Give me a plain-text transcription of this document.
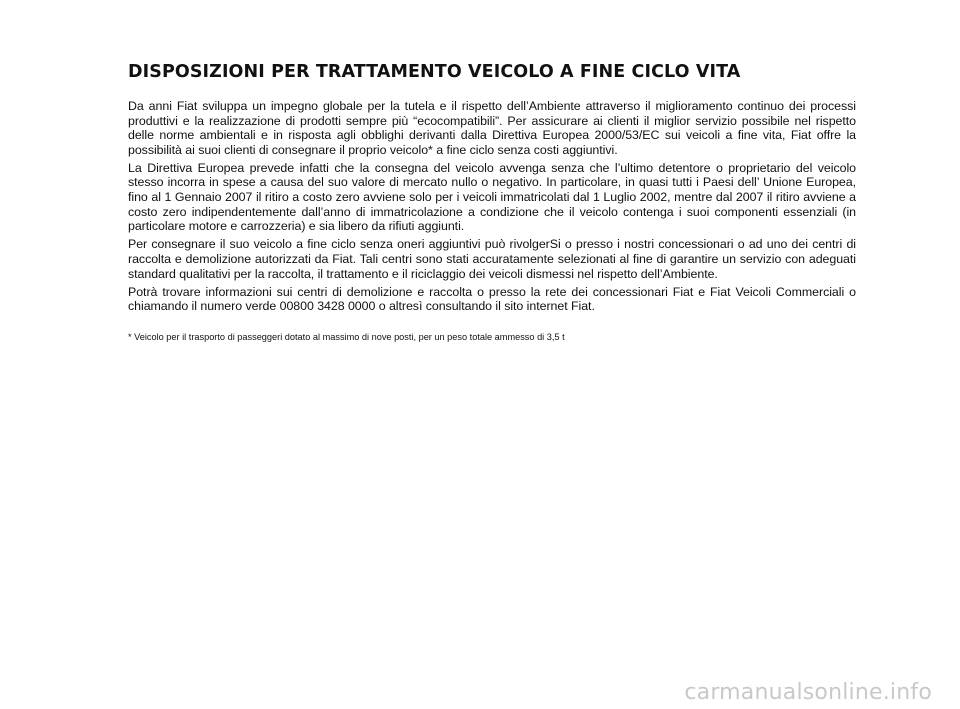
DISPOSIZIONI PER TRATTAMENTO VEICOLO A FINE CICLO VITA

Da anni Fiat sviluppa un impegno globale per la tutela e il rispetto dell’Ambiente attraverso il miglioramento continuo dei processi produttivi e la realizzazione di prodotti sempre più “ecocompatibili”. Per assicurare ai clienti il miglior servizio possibile nel rispetto delle norme ambientali e in risposta agli obblighi derivanti dalla Direttiva Europea 2000/53/EC sui veicoli a fine vita, Fiat offre la possibilità ai suoi clienti di consegnare il proprio veicolo* a fine ciclo senza costi aggiuntivi.

La Direttiva Europea prevede infatti che la consegna del veicolo avvenga senza che l’ultimo detentore o proprietario del veicolo stesso incorra in spese a causa del suo valore di mercato nullo o negativo. In particolare, in quasi tutti i Paesi dell’ Unione Europea, fino al 1 Gennaio 2007 il ritiro a costo zero avviene solo per i veicoli immatricolati dal 1 Luglio 2002, mentre dal 2007 il ritiro avviene a costo zero indipendentemente dall’anno di immatricolazione a condizione che il veicolo contenga i suoi componenti essenziali (in particolare motore e carrozzeria) e sia libero da rifiuti aggiunti.

Per consegnare il suo veicolo a fine ciclo senza oneri aggiuntivi può rivolgerSi o presso i nostri concessionari o ad uno dei centri di raccolta e demolizione autorizzati da Fiat. Tali centri sono stati accuratamente selezionati al fine di garantire un servizio con adeguati standard qualitativi per la raccolta, il trattamento e il riciclaggio dei veicoli dismessi nel rispetto dell’Ambiente.

Potrà trovare informazioni sui centri di demolizione e raccolta o presso la rete dei concessionari Fiat e Fiat Veicoli Commerciali o chiamando il numero verde 00800 3428 0000 o altresì consultando il sito internet Fiat.

* Veicolo per il trasporto di passeggeri dotato al massimo di nove posti, per un peso totale ammesso di 3,5 t
carmanualsonline.info
